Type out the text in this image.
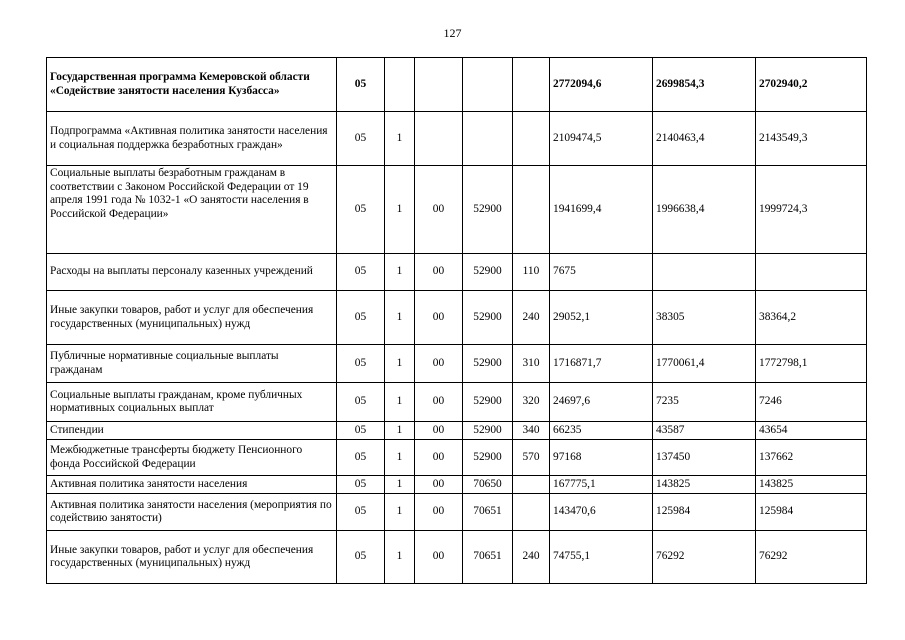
127
Государственная программа Кемеровской области «Содействие занятости населения Кузбасса»	05					2772094,6	2699854,3	2702940,2
Подпрограмма «Активная политика занятости населения и социальная поддержка безработных граждан»	05	1				2109474,5	2140463,4	2143549,3
Социальные выплаты безработным гражданам в соответствии с Законом Российской Федерации от 19 апреля 1991 года № 1032-1 «О занятости населения в Российской Федерации»	05	1	00	52900		1941699,4	1996638,4	1999724,3
Расходы на выплаты персоналу казенных учреждений	05	1	00	52900	110	7675		
Иные закупки товаров, работ и услуг для обеспечения государственных (муниципальных) нужд	05	1	00	52900	240	29052,1	38305	38364,2
Публичные нормативные социальные выплаты гражданам	05	1	00	52900	310	1716871,7	1770061,4	1772798,1
Социальные выплаты гражданам, кроме публичных нормативных социальных выплат	05	1	00	52900	320	24697,6	7235	7246
Стипендии	05	1	00	52900	340	66235	43587	43654
Межбюджетные трансферты бюджету Пенсионного фонда Российской Федерации	05	1	00	52900	570	97168	137450	137662
Активная политика занятости населения	05	1	00	70650		167775,1	143825	143825
Активная политика занятости населения (мероприятия по содействию занятости)	05	1	00	70651		143470,6	125984	125984
Иные закупки товаров, работ и услуг для обеспечения государственных (муниципальных) нужд	05	1	00	70651	240	74755,1	76292	76292
